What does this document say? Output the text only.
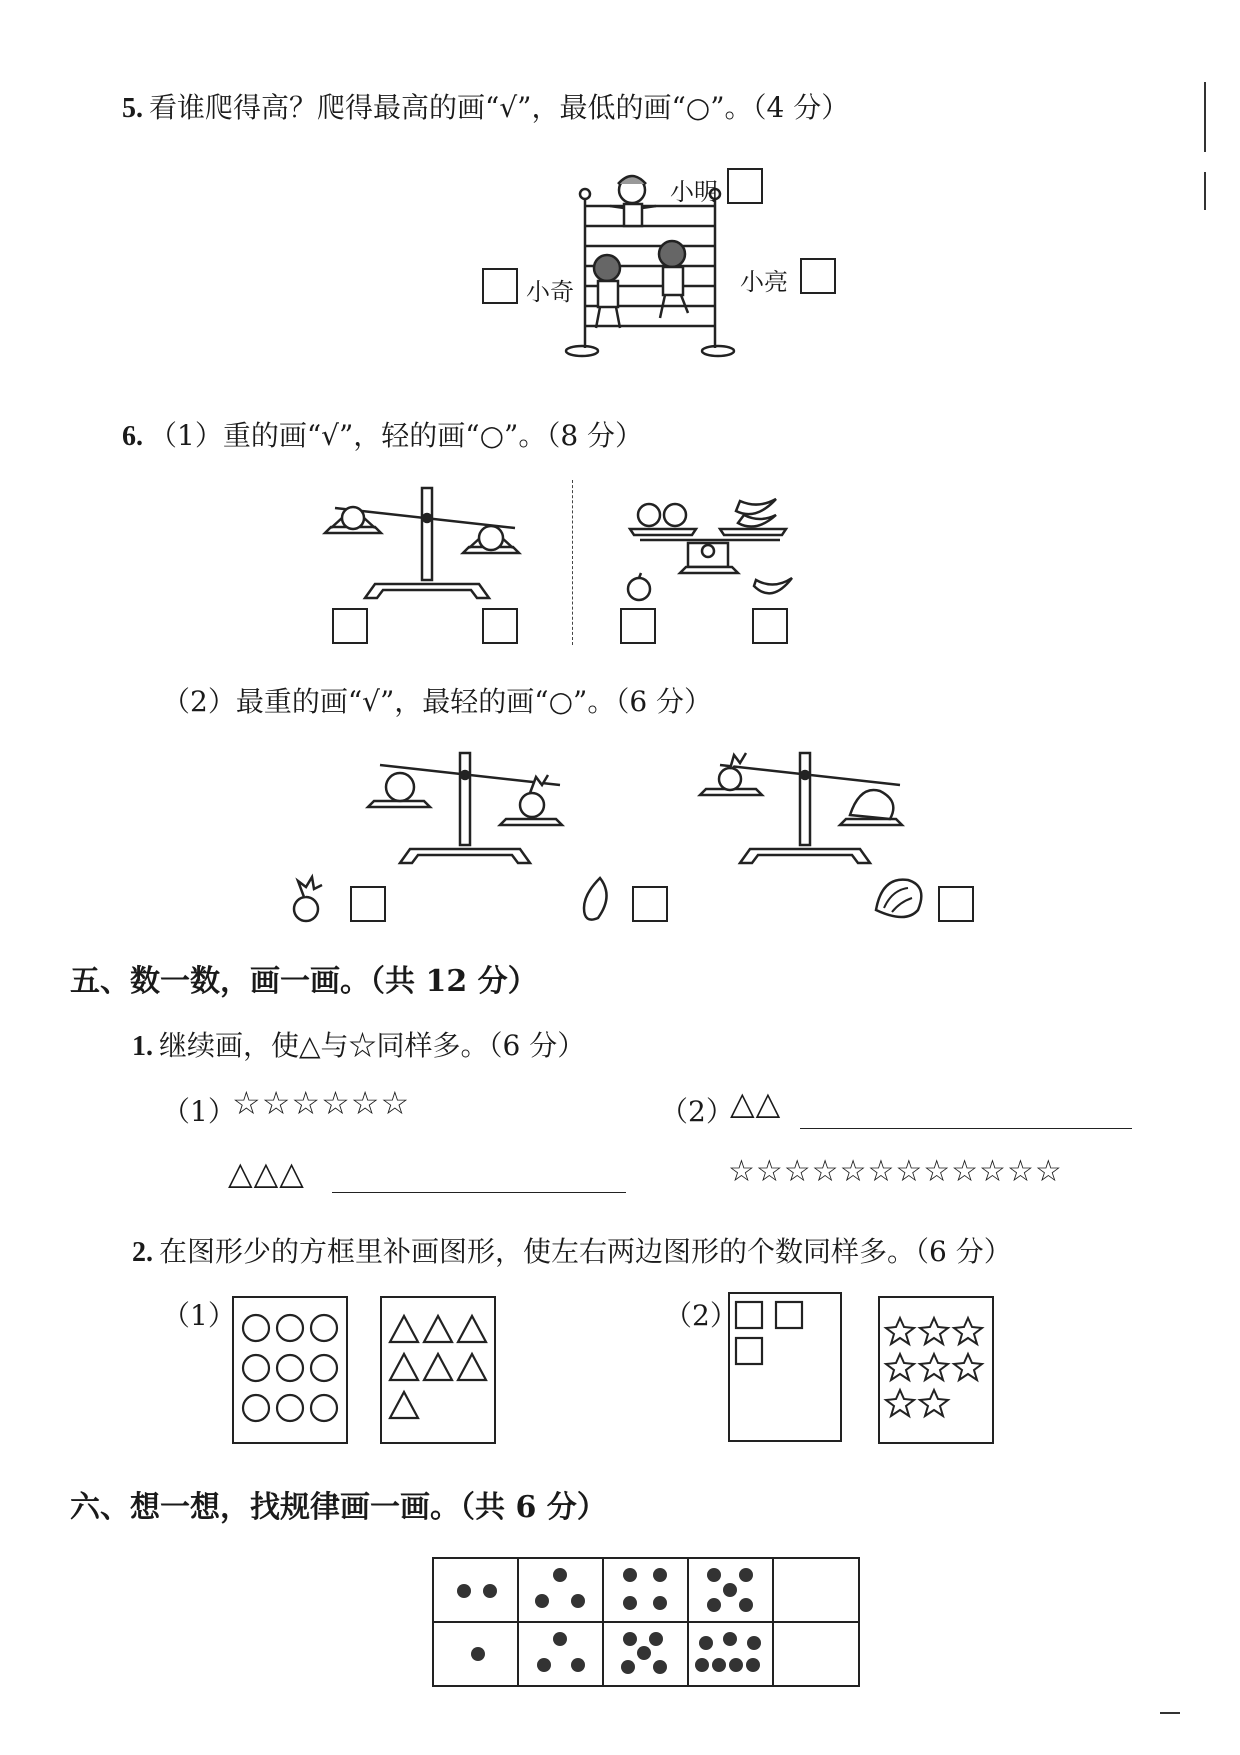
5. 看谁爬得高？爬得最高的画“√”，最低的画“○”。（4 分）
小明
小奇	小亮
6. （1）重的画“√”，轻的画“○”。（8 分）
（2）最重的画“√”，最轻的画“○”。（6 分）
五、数一数，画一画。（共 12 分）
1. 继续画，使△与☆同样多。（6 分）
（1）
☆☆☆☆☆☆
△△△
（2）
△△
☆☆☆☆☆☆☆☆☆☆☆☆
2. 在图形少的方框里补画图形，使左右两边图形的个数同样多。（6 分）
（1）	（2）
六、想一想，找规律画一画。（共 6 分）
